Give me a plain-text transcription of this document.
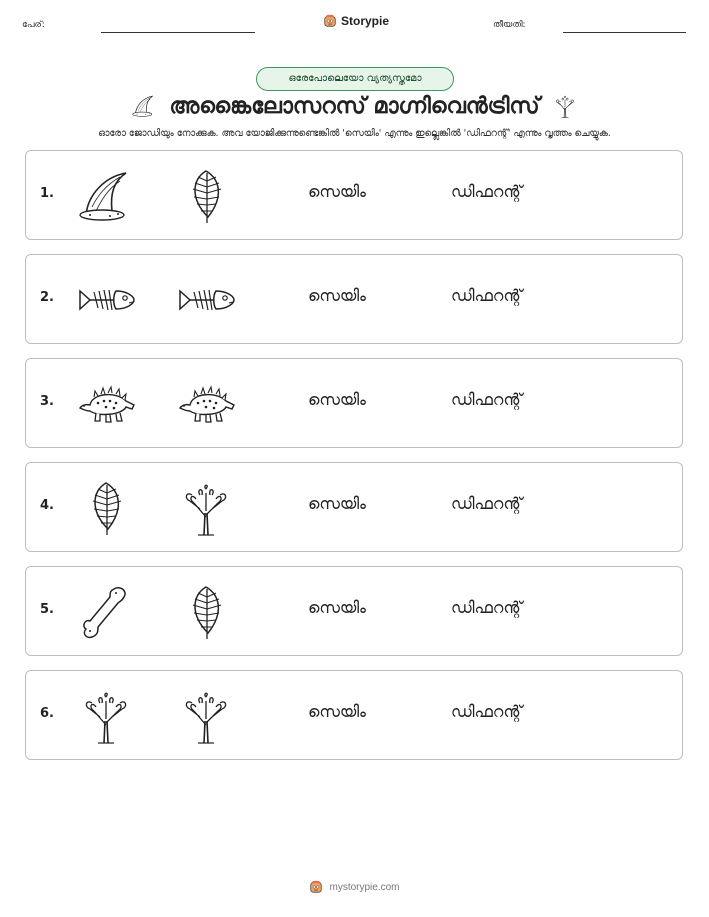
പേര്:	Storypie	തീയതി:
ഒരേപോലെയോ വ്യത്യസ്തമോ
അങ്കൈലോസറസ് മാഗ്നിവെൻട്രിസ്
ഓരോ ജോഡിയും നോക്കുക. അവ യോജിക്കുന്നുണ്ടെങ്കിൽ 'സെയിം' എന്നും ഇല്ലെങ്കിൽ 'ഡിഫറന്റ്' എന്നും വൃത്തം ചെയ്യുക.
1.	സെയിം	ഡിഫറന്റ്
2.	സെയിം	ഡിഫറന്റ്
3.	സെയിം	ഡിഫറന്റ്
4.	സെയിം	ഡിഫറന്റ്
5.	സെയിം	ഡിഫറന്റ്
6.	സെയിം	ഡിഫറന്റ്
mystorypie.com
